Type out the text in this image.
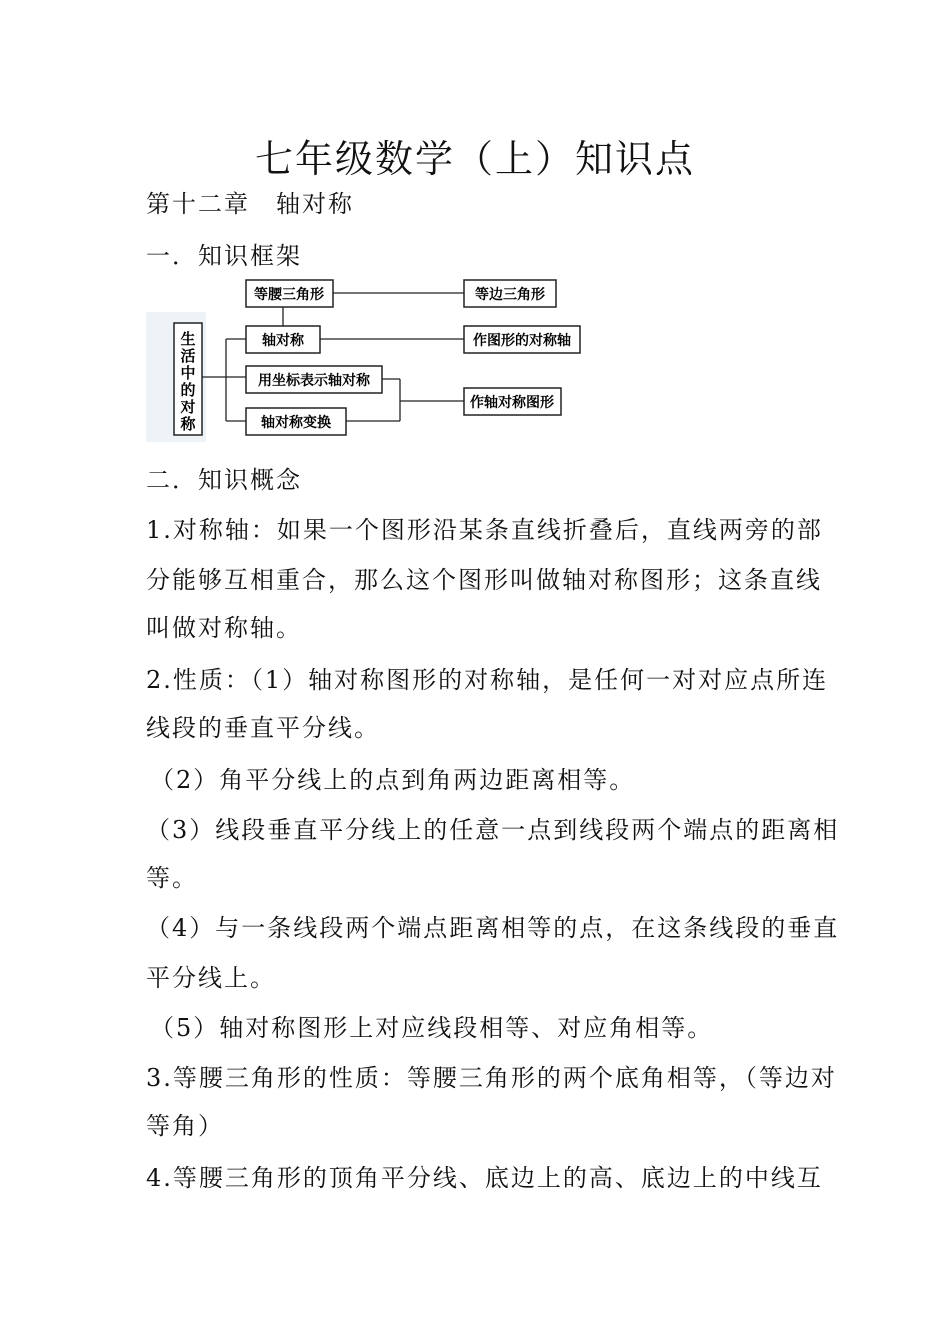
七年级数学（上）知识点
第十二章　轴对称
一．知识框架
生
活
中
的
对
称
等腰三角形	等边三角形
轴对称	作图形的对称轴
用坐标表示轴对称
作轴对称图形
轴对称变换
二．知识概念
1.对称轴：如果一个图形沿某条直线折叠后，直线两旁的部
分能够互相重合，那么这个图形叫做轴对称图形；这条直线
叫做对称轴。
2.性质：（1）轴对称图形的对称轴，是任何一对对应点所连
线段的垂直平分线。
（2）角平分线上的点到角两边距离相等。
（3）线段垂直平分线上的任意一点到线段两个端点的距离相
等。
（4）与一条线段两个端点距离相等的点，在这条线段的垂直
平分线上。
（5）轴对称图形上对应线段相等、对应角相等。
3.等腰三角形的性质：等腰三角形的两个底角相等，（等边对
等角）
4.等腰三角形的顶角平分线、底边上的高、底边上的中线互
